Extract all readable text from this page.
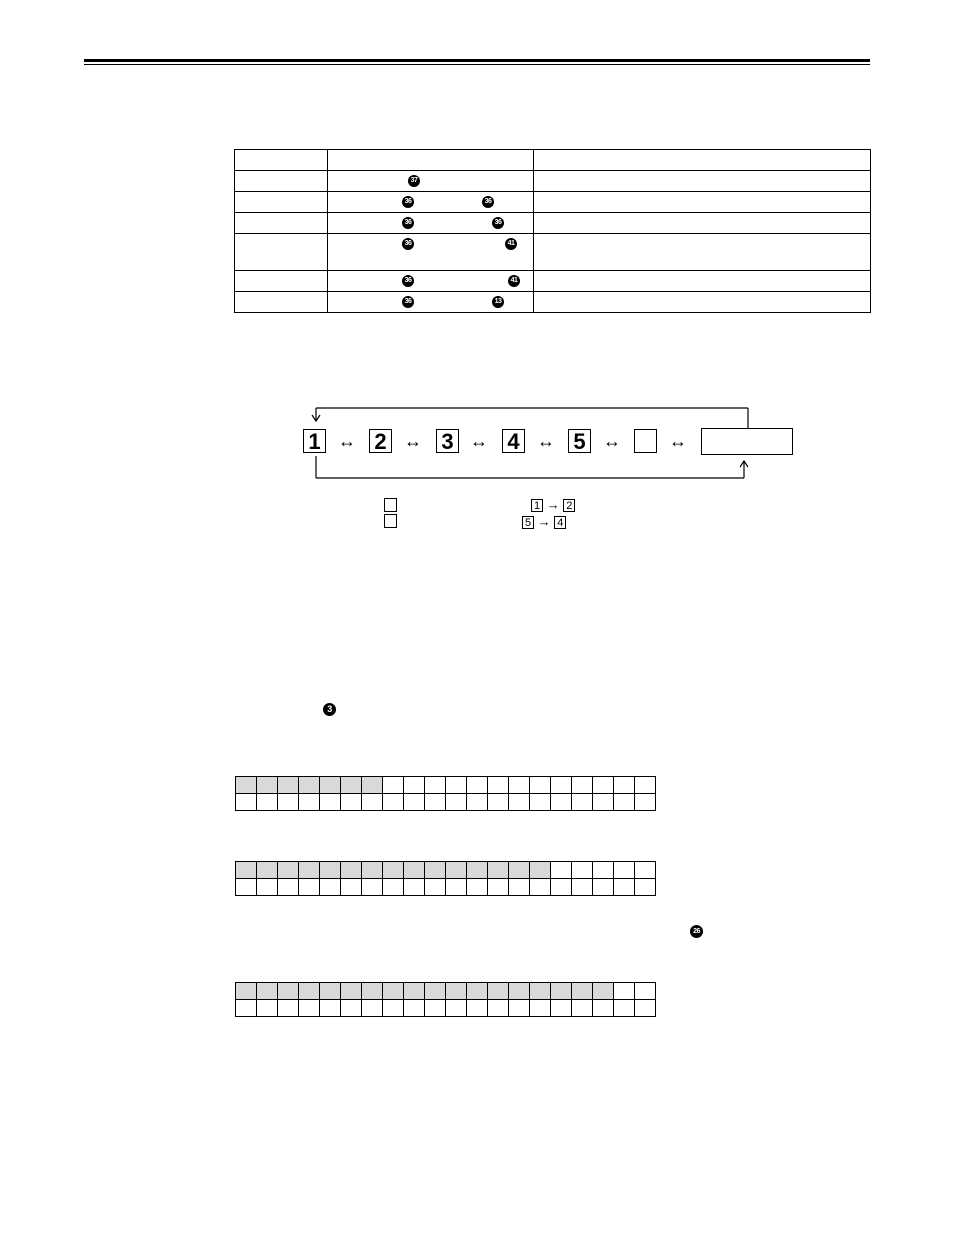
	37	

	36 36	

	36 36	

	36 41	

	36 41	

	36 13	

1 ↔ 2 ↔ 3 ↔ 4 ↔ 5 ↔	↔
1 → 2
5 → 4
3
26
